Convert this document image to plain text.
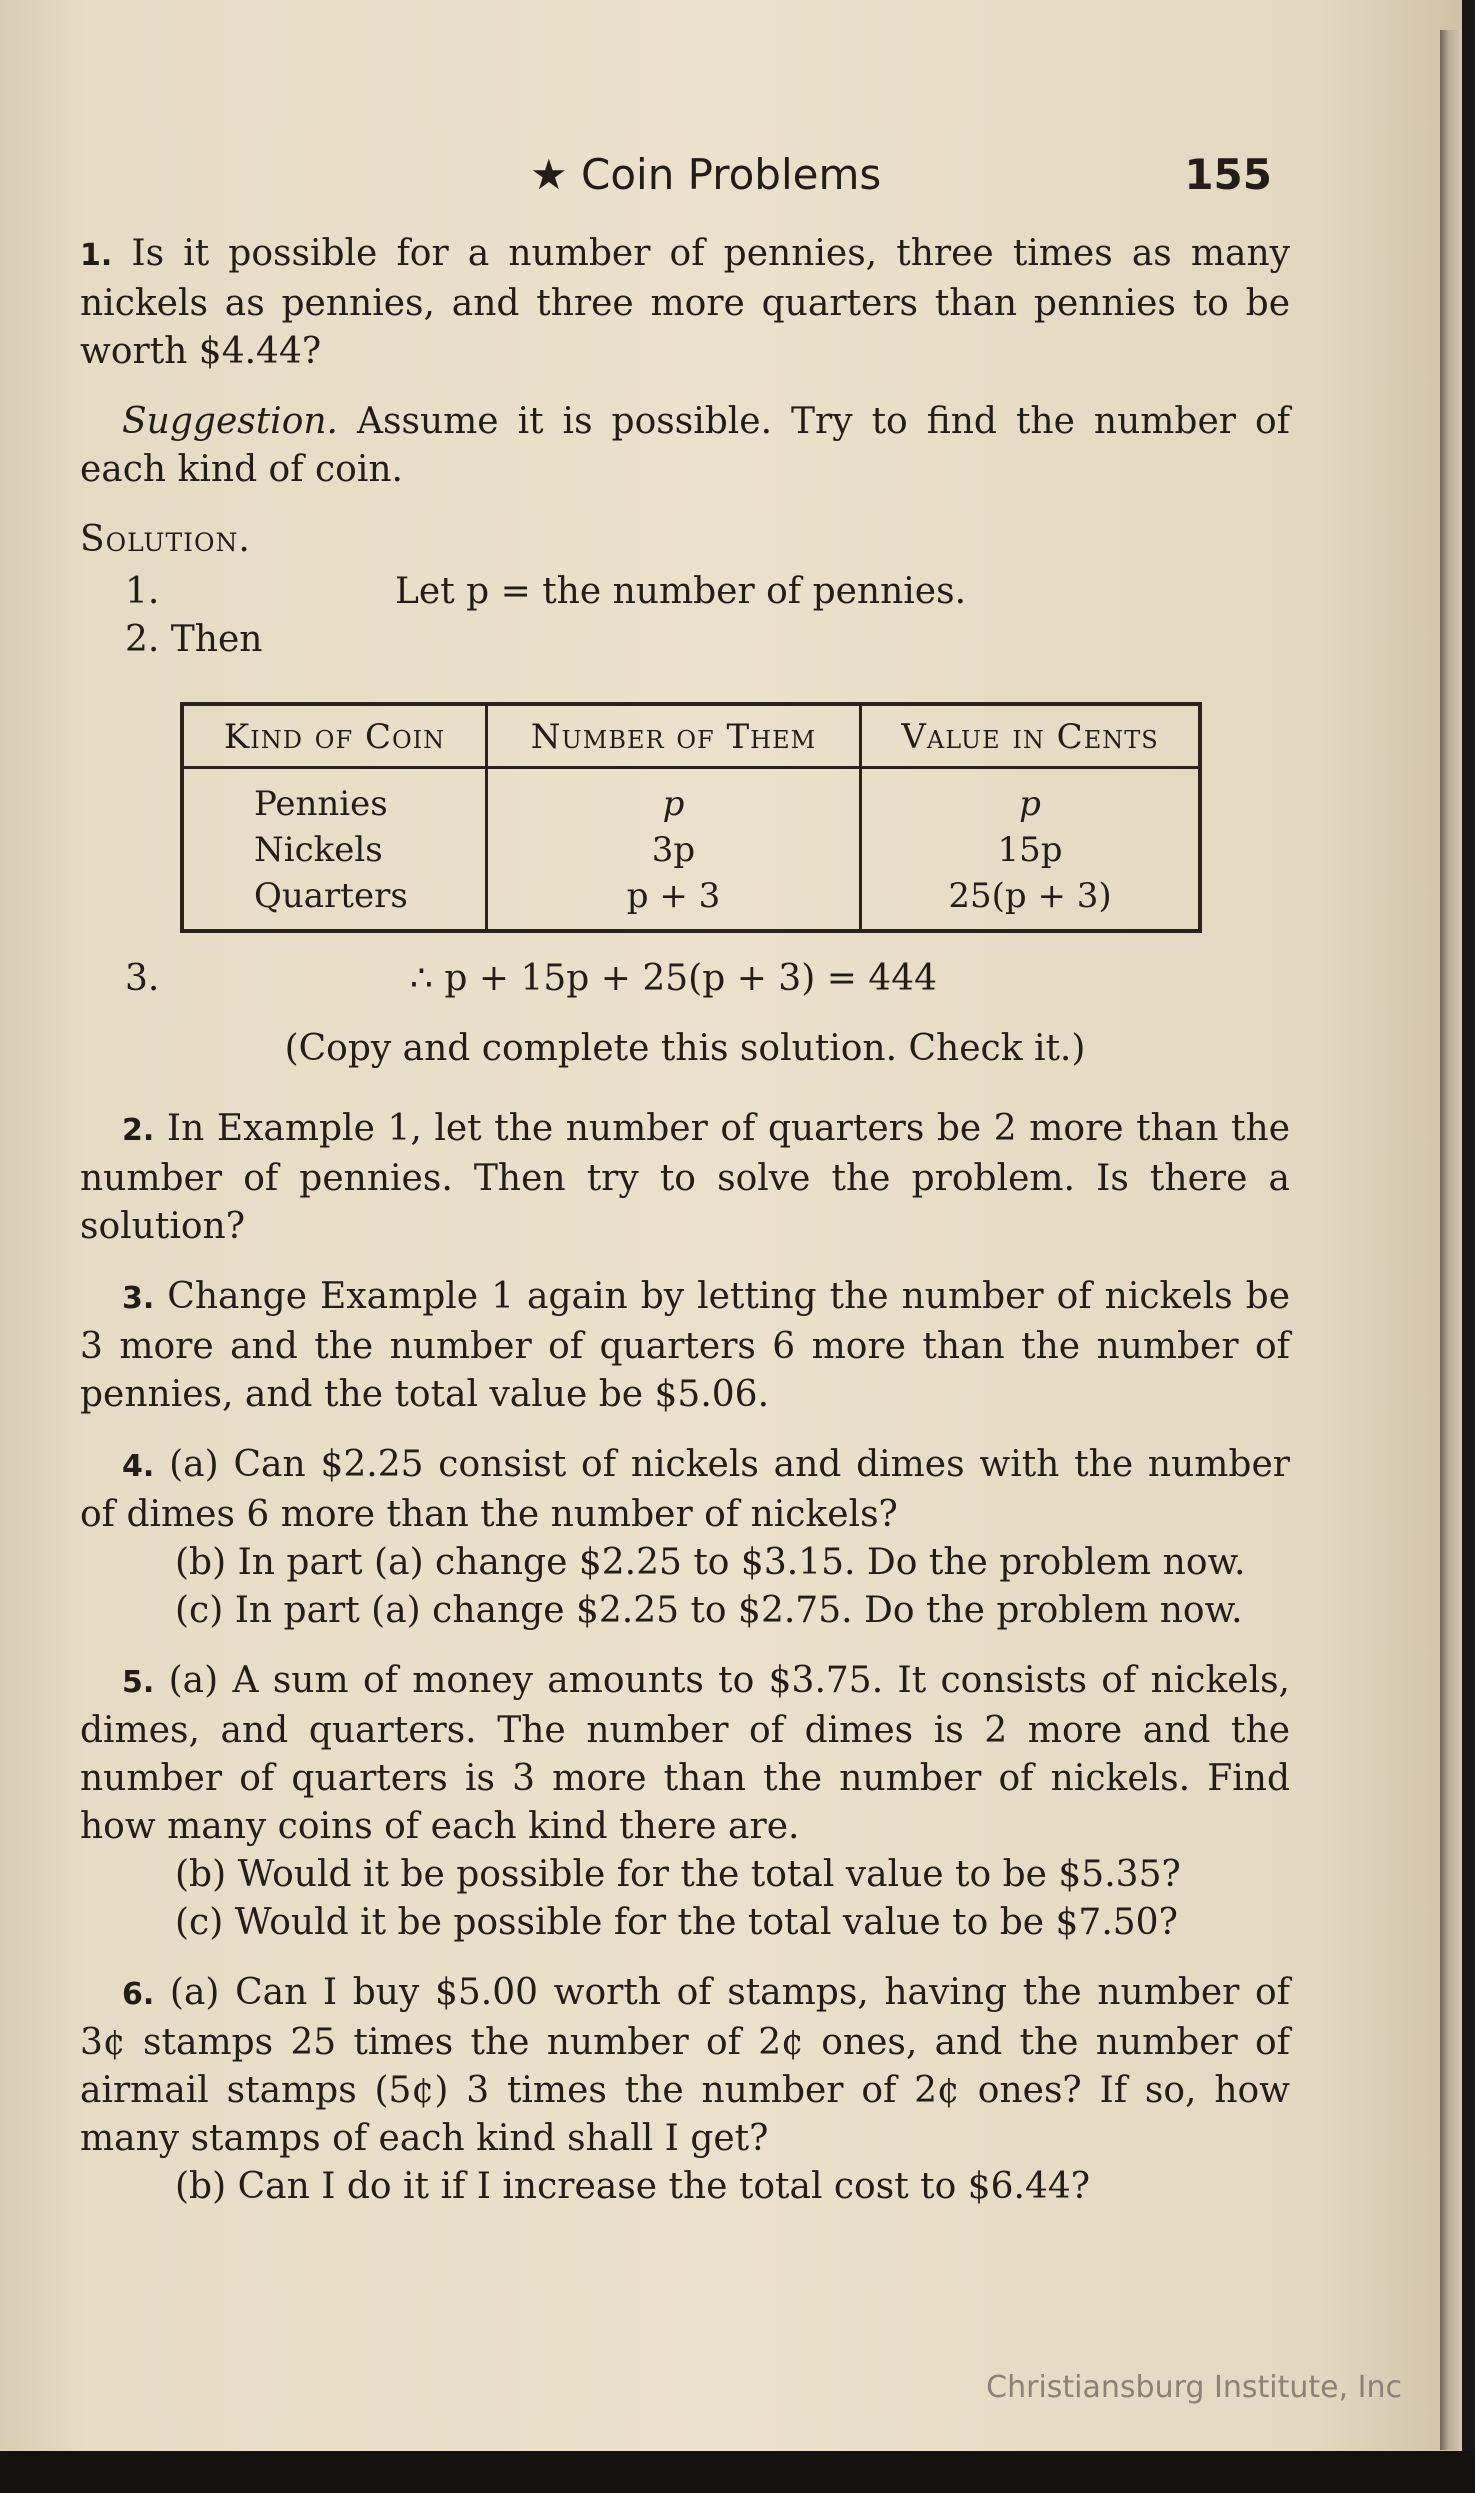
★ Coin Problems	155

1. Is it possible for a number of pennies, three times as many nickels as pennies, and three more quarters than pennies to be worth $4.44?

Suggestion. Assume it is possible. Try to find the number of each kind of coin.

Solution.

1.	Let p = the number of pennies.
2. Then
Kind of Coin	Number of Them	Value in Cents
Pennies	p	p
Nickels	3p	15p
Quarters	p + 3	25(p + 3)
3.	∴ p + 15p + 25(p + 3) = 444

(Copy and complete this solution. Check it.)

2. In Example 1, let the number of quarters be 2 more than the number of pennies. Then try to solve the problem. Is there a solution?

3. Change Example 1 again by letting the number of nickels be 3 more and the number of quarters 6 more than the number of pennies, and the total value be $5.06.

4. (a) Can $2.25 consist of nickels and dimes with the number of dimes 6 more than the number of nickels?

(b) In part (a) change $2.25 to $3.15. Do the problem now.

(c) In part (a) change $2.25 to $2.75. Do the problem now.

5. (a) A sum of money amounts to $3.75. It consists of nickels, dimes, and quarters. The number of dimes is 2 more and the number of quarters is 3 more than the number of nickels. Find how many coins of each kind there are.

(b) Would it be possible for the total value to be $5.35?

(c) Would it be possible for the total value to be $7.50?

6. (a) Can I buy $5.00 worth of stamps, having the number of 3¢ stamps 25 times the number of 2¢ ones, and the number of airmail stamps (5¢) 3 times the number of 2¢ ones? If so, how many stamps of each kind shall I get?

(b) Can I do it if I increase the total cost to $6.44?

Christiansburg Institute, Inc
